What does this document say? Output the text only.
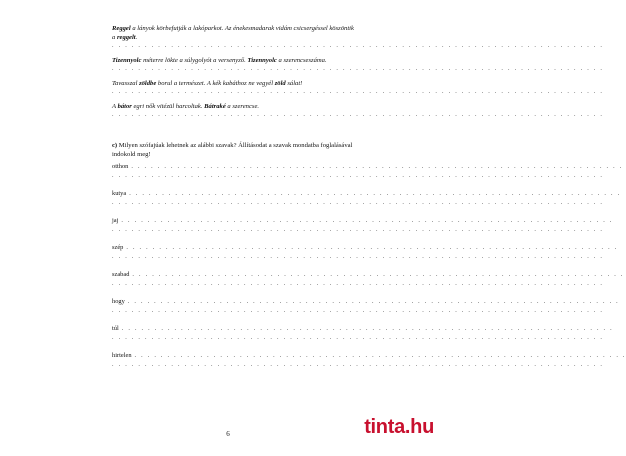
Reggel a lányok körbefutják a lakóparkot. Az énekesmadarak vidám csicsergéssel köszöntik a reggelt.

. . . . . . . . . . . . . . . . . . . . . . . . . . . . . . . . . . . . . . . . . . . . . . . . . . . . . . . . . . . . . . . . . . . . . . . . . . .

Tizennyolc méterre lökte a súlygolyót a versenyző. Tizennyolc a szerencseszáma.

. . . . . . . . . . . . . . . . . . . . . . . . . . . . . . . . . . . . . . . . . . . . . . . . . . . . . . . . . . . . . . . . . . . . . . . . . . .

Tavasszal zöldbe borul a természet. A kék kabáthoz ne vegyél zöld sálat!

. . . . . . . . . . . . . . . . . . . . . . . . . . . . . . . . . . . . . . . . . . . . . . . . . . . . . . . . . . . . . . . . . . . . . . . . . . .

A bátor egri nők vitézül harcoltak. Bátraké a szerencse.

. . . . . . . . . . . . . . . . . . . . . . . . . . . . . . . . . . . . . . . . . . . . . . . . . . . . . . . . . . . . . . . . . . . . . . . . . . .

c) Milyen szófajúak lehetnek az alábbi szavak? Állításodat a szavak mondatba foglalásával indokold meg!

otthon . . . . . . . . . . . . . . . . . . . . . . . . . . . . . . . . . . . . . . . . . . . . . . . . . . . . . . . . . . . . . . . . . . . . . . . . . . .
. . . . . . . . . . . . . . . . . . . . . . . . . . . . . . . . . . . . . . . . . . . . . . . . . . . . . . . . . . . . . . . . . . . . . . . . . . .
kutya . . . . . . . . . . . . . . . . . . . . . . . . . . . . . . . . . . . . . . . . . . . . . . . . . . . . . . . . . . . . . . . . . . . . . . . . . . .
. . . . . . . . . . . . . . . . . . . . . . . . . . . . . . . . . . . . . . . . . . . . . . . . . . . . . . . . . . . . . . . . . . . . . . . . . . .
jaj . . . . . . . . . . . . . . . . . . . . . . . . . . . . . . . . . . . . . . . . . . . . . . . . . . . . . . . . . . . . . . . . . . . . . . . . . . .
. . . . . . . . . . . . . . . . . . . . . . . . . . . . . . . . . . . . . . . . . . . . . . . . . . . . . . . . . . . . . . . . . . . . . . . . . . .
szép . . . . . . . . . . . . . . . . . . . . . . . . . . . . . . . . . . . . . . . . . . . . . . . . . . . . . . . . . . . . . . . . . . . . . . . . . . .
. . . . . . . . . . . . . . . . . . . . . . . . . . . . . . . . . . . . . . . . . . . . . . . . . . . . . . . . . . . . . . . . . . . . . . . . . . .
szabad . . . . . . . . . . . . . . . . . . . . . . . . . . . . . . . . . . . . . . . . . . . . . . . . . . . . . . . . . . . . . . . . . . . . . . . . . . .
. . . . . . . . . . . . . . . . . . . . . . . . . . . . . . . . . . . . . . . . . . . . . . . . . . . . . . . . . . . . . . . . . . . . . . . . . . .
hogy . . . . . . . . . . . . . . . . . . . . . . . . . . . . . . . . . . . . . . . . . . . . . . . . . . . . . . . . . . . . . . . . . . . . . . . . . . .
. . . . . . . . . . . . . . . . . . . . . . . . . . . . . . . . . . . . . . . . . . . . . . . . . . . . . . . . . . . . . . . . . . . . . . . . . . .
túl . . . . . . . . . . . . . . . . . . . . . . . . . . . . . . . . . . . . . . . . . . . . . . . . . . . . . . . . . . . . . . . . . . . . . . . . . . .
. . . . . . . . . . . . . . . . . . . . . . . . . . . . . . . . . . . . . . . . . . . . . . . . . . . . . . . . . . . . . . . . . . . . . . . . . . .
hirtelen . . . . . . . . . . . . . . . . . . . . . . . . . . . . . . . . . . . . . . . . . . . . . . . . . . . . . . . . . . . . . . . . . . . . . . . . . . .
. . . . . . . . . . . . . . . . . . . . . . . . . . . . . . . . . . . . . . . . . . . . . . . . . . . . . . . . . . . . . . . . . . . . . . . . . . .
6	tinta.hu
